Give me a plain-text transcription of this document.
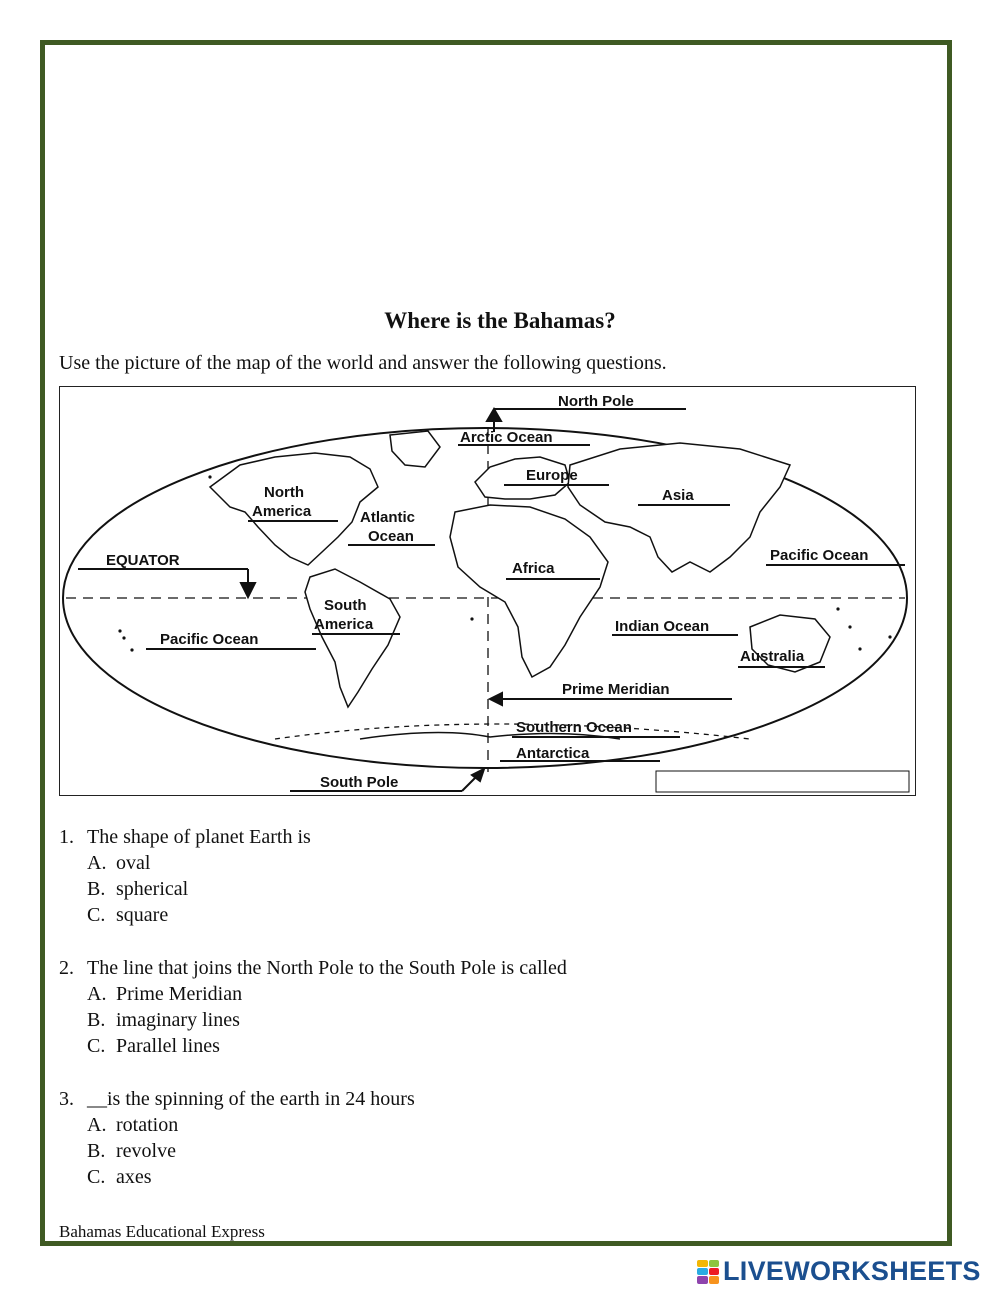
Where is the Bahamas?
Use the picture of the map of the world and answer the following questions.
North Pole
Arctic Ocean
Europe
Asia
North
America	Atlantic
Ocean
EQUATOR	Pacific Ocean
Africa
South
America
Pacific Ocean
Indian Ocean
Australia
Prime Meridian
Southern Ocean
Antarctica
South Pole
1. The shape of planet Earth is
A. oval
B. spherical
C. square
2. The line that joins the North Pole to the South Pole is called
A. Prime Meridian
B. imaginary lines
C. Parallel lines
3. __is the spinning of the earth in 24 hours
A. rotation
B. revolve
C. axes
Bahamas Educational Express
LIVEWORKSHEETS
